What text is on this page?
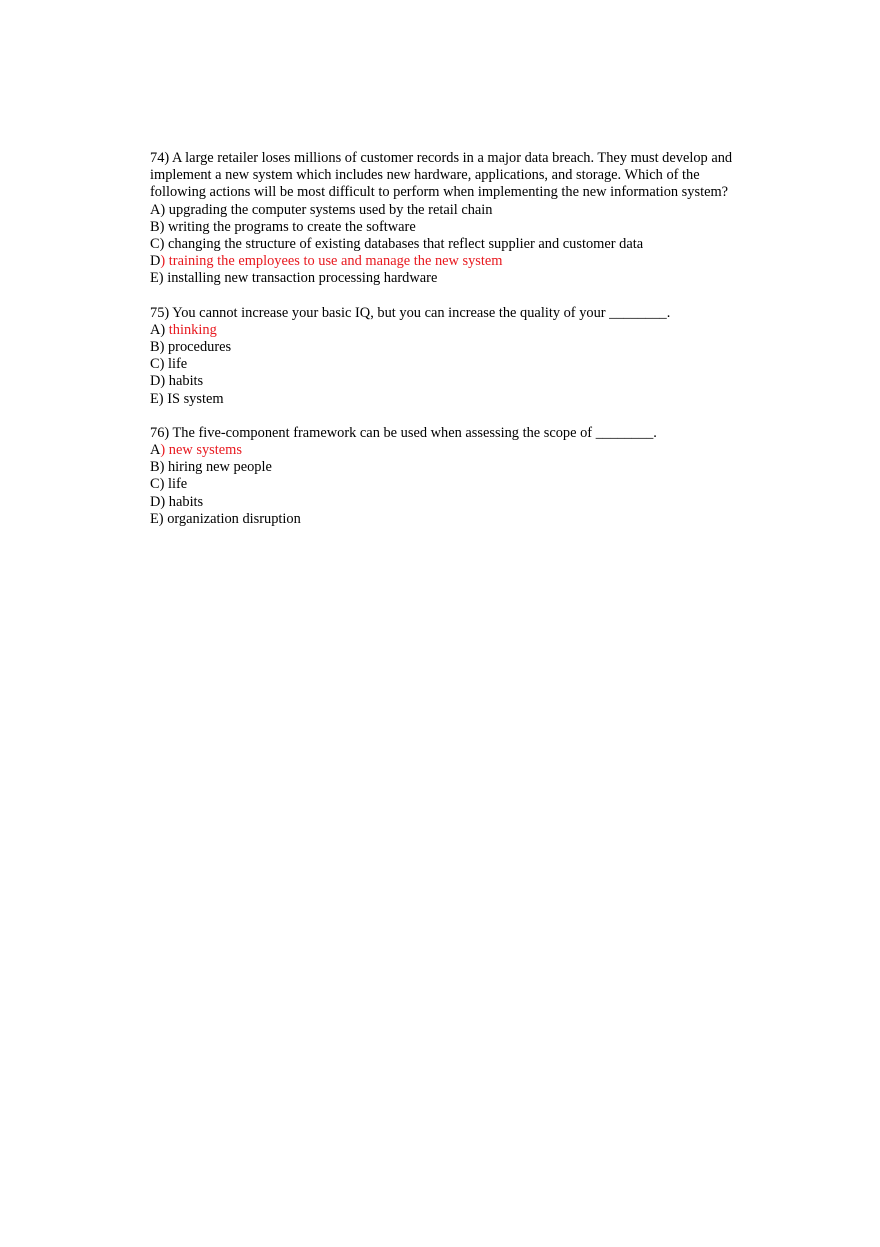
74) A large retailer loses millions of customer records in a major data breach. They must develop and implement a new system which includes new hardware, applications, and storage. Which of the following actions will be most difficult to perform when implementing the new information system?

A) upgrading the computer systems used by the retail chain

B) writing the programs to create the software

C) changing the structure of existing databases that reflect supplier and customer data

D) training the employees to use and manage the new system

E) installing new transaction processing hardware

75) You cannot increase your basic IQ, but you can increase the quality of your ________.

A) thinking

B) procedures

C) life

D) habits

E) IS system

76) The five-component framework can be used when assessing the scope of ________.

A) new systems

B) hiring new people

C) life

D) habits

E) organization disruption
